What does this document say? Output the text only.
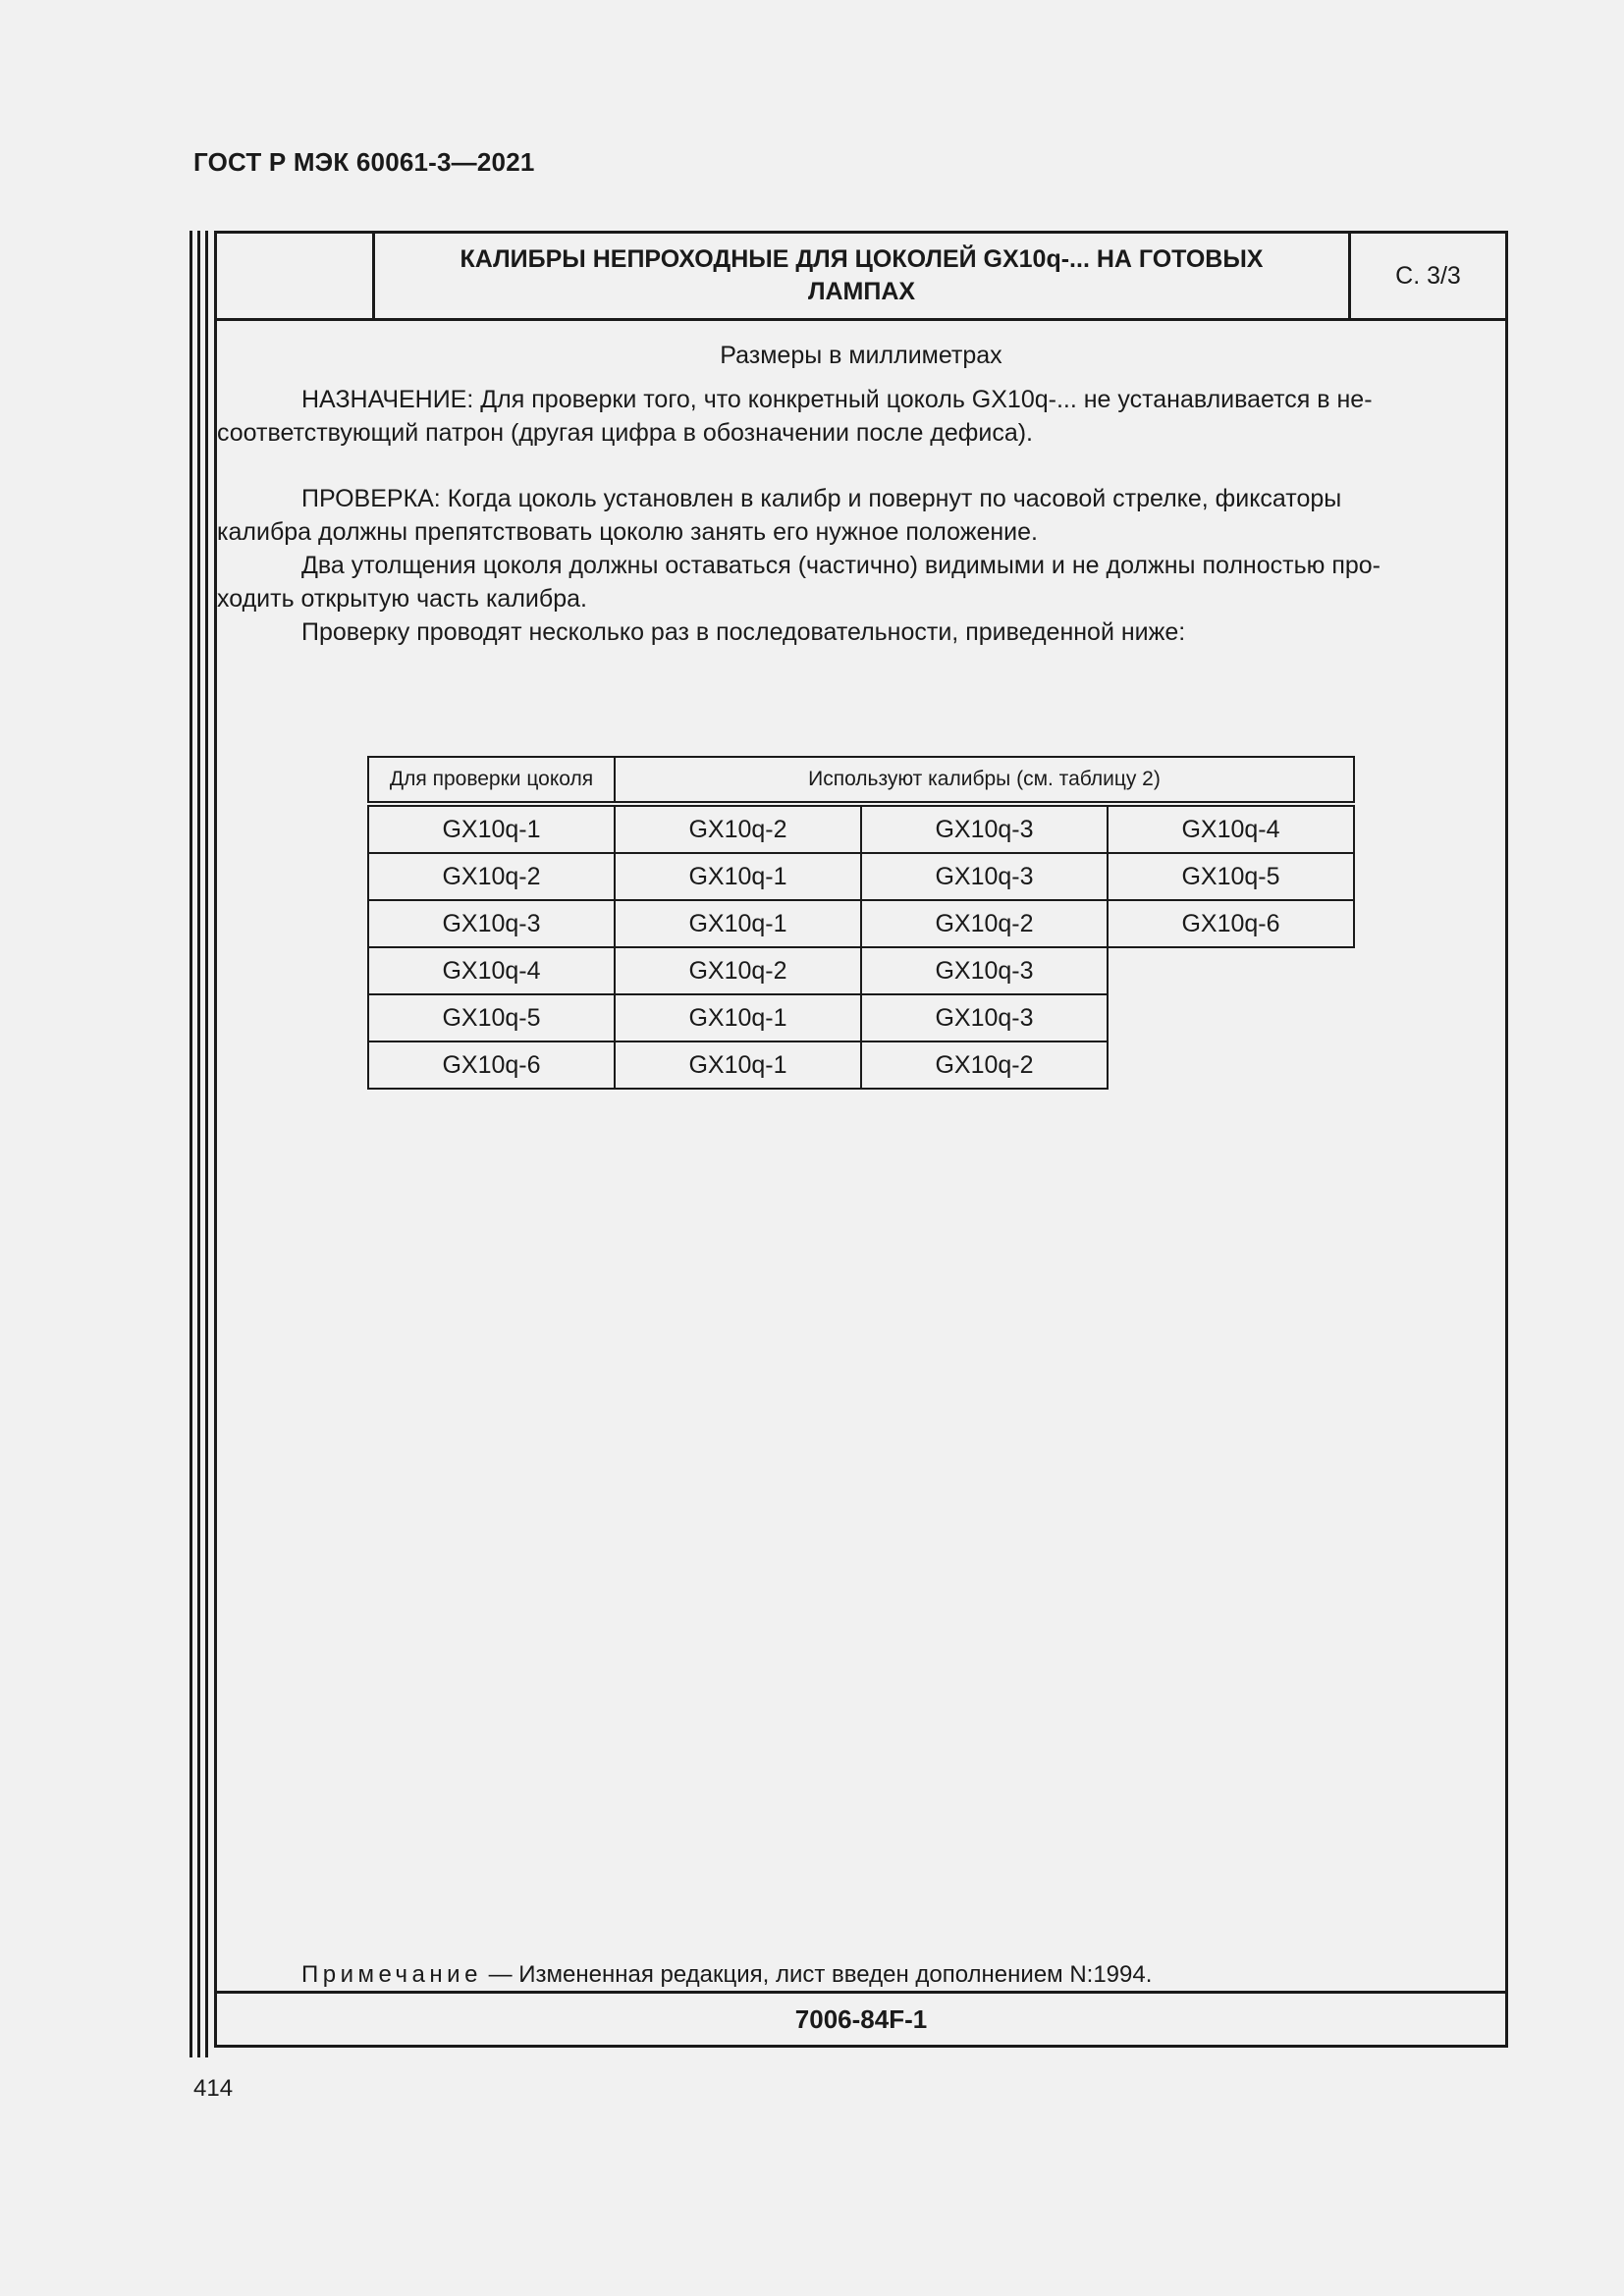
ГОСТ Р МЭК 60061-3—2021
КАЛИБРЫ НЕПРОХОДНЫЕ ДЛЯ ЦОКОЛЕЙ GX10q-... НА ГОТОВЫХ ЛАМПАХ
С. 3/3
Размеры в миллиметрах

НАЗНАЧЕНИЕ: Для проверки того, что конкретный цоколь GX10q-... не устанавливается в не-
соответствующий патрон (другая цифра в обозначении после дефиса).

ПРОВЕРКА: Когда цоколь установлен в калибр и повернут по часовой стрелке, фиксаторы
калибра должны препятствовать цоколю занять его нужное положение.

Два утолщения цоколя должны оставаться (частично) видимыми и не должны полностью про-
ходить открытую часть калибра.

Проверку проводят несколько раз в последовательности, приведенной ниже:

Для проверки цоколя	Используют калибры (см. таблицу 2)		
GX10q-1	GX10q-2	GX10q-3	GX10q-4
GX10q-2	GX10q-1	GX10q-3	GX10q-5
GX10q-3	GX10q-1	GX10q-2	GX10q-6
GX10q-4	GX10q-2	GX10q-3	
GX10q-5	GX10q-1	GX10q-3	
GX10q-6	GX10q-1	GX10q-2	
Примечание — Измененная редакция, лист введен дополнением N:1994.
7006-84F-1
414
